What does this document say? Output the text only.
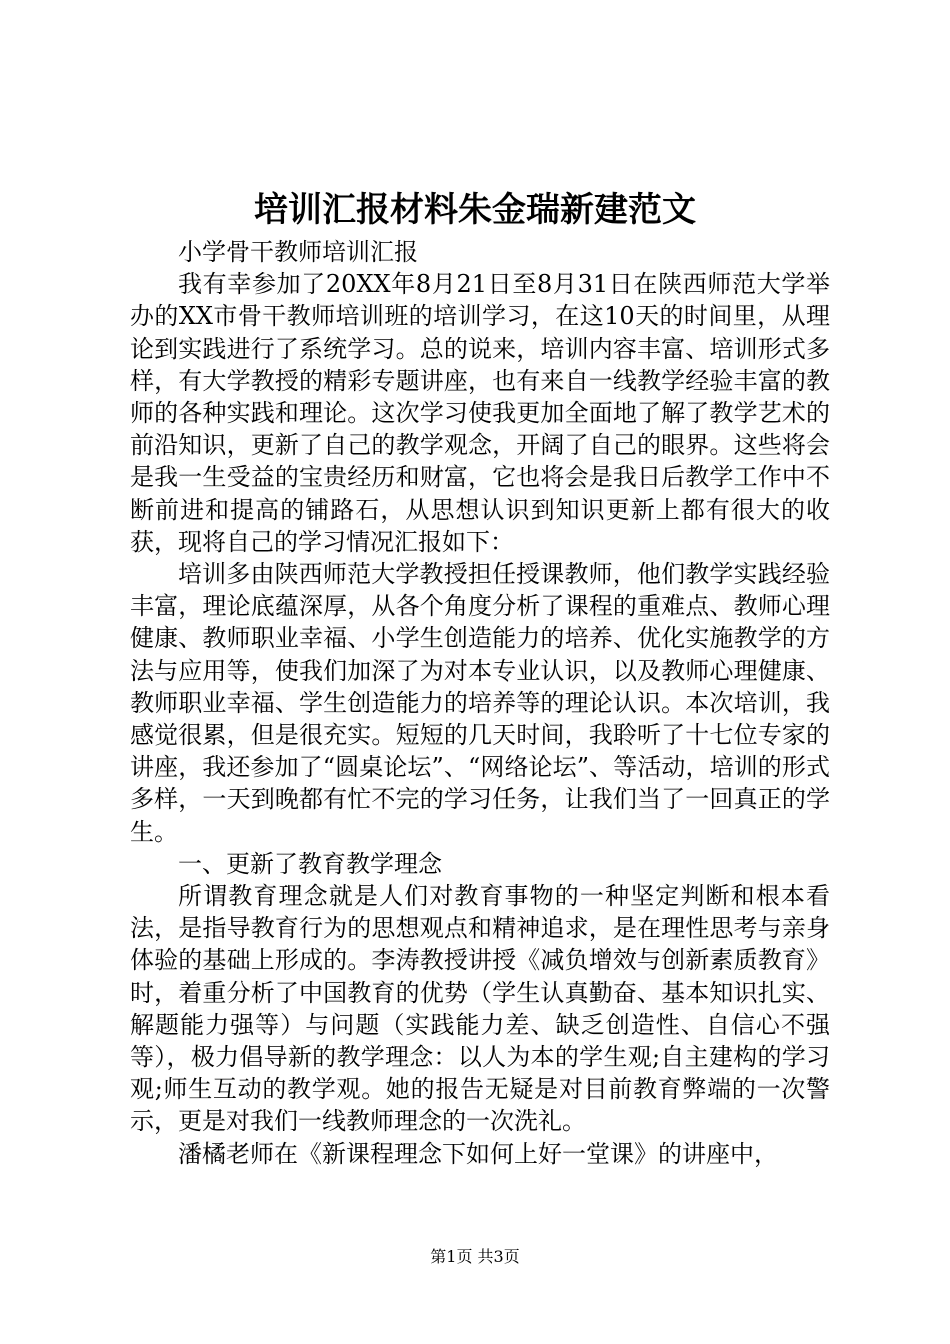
培训汇报材料朱金瑞新建范文

小学骨干教师培训汇报

我有幸参加了20XX年8月21日至8月31日在陕西师范大学举办的XX市骨干教师培训班的培训学习，在这10天的时间里，从理论到实践进行了系统学习。总的说来，培训内容丰富、培训形式多样，有大学教授的精彩专题讲座，也有来自一线教学经验丰富的教师的各种实践和理论。这次学习使我更加全面地了解了教学艺术的前沿知识，更新了自己的教学观念，开阔了自己的眼界。这些将会是我一生受益的宝贵经历和财富，它也将会是我日后教学工作中不断前进和提高的铺路石，从思想认识到知识更新上都有很大的收获，现将自己的学习情况汇报如下：

培训多由陕西师范大学教授担任授课教师，他们教学实践经验丰富，理论底蕴深厚，从各个角度分析了课程的重难点、教师心理健康、教师职业幸福、小学生创造能力的培养、优化实施教学的方法与应用等，使我们加深了为对本专业认识，以及教师心理健康、教师职业幸福、学生创造能力的培养等的理论认识。本次培训，我感觉很累，但是很充实。短短的几天时间，我聆听了十七位专家的讲座，我还参加了“圆桌论坛”、“网络论坛”、等活动，培训的形式多样，一天到晚都有忙不完的学习任务，让我们当了一回真正的学生。

一、更新了教育教学理念

所谓教育理念就是人们对教育事物的一种坚定判断和根本看法，是指导教育行为的思想观点和精神追求，是在理性思考与亲身体验的基础上形成的。李涛教授讲授《减负增效与创新素质教育》时，着重分析了中国教育的优势（学生认真勤奋、基本知识扎实、解题能力强等）与问题（实践能力差、缺乏创造性、自信心不强等），极力倡导新的教学理念：以人为本的学生观;自主建构的学习观;师生互动的教学观。她的报告无疑是对目前教育弊端的一次警示，更是对我们一线教师理念的一次洗礼。

潘橘老师在《新课程理念下如何上好一堂课》的讲座中，

第1页 共3页
